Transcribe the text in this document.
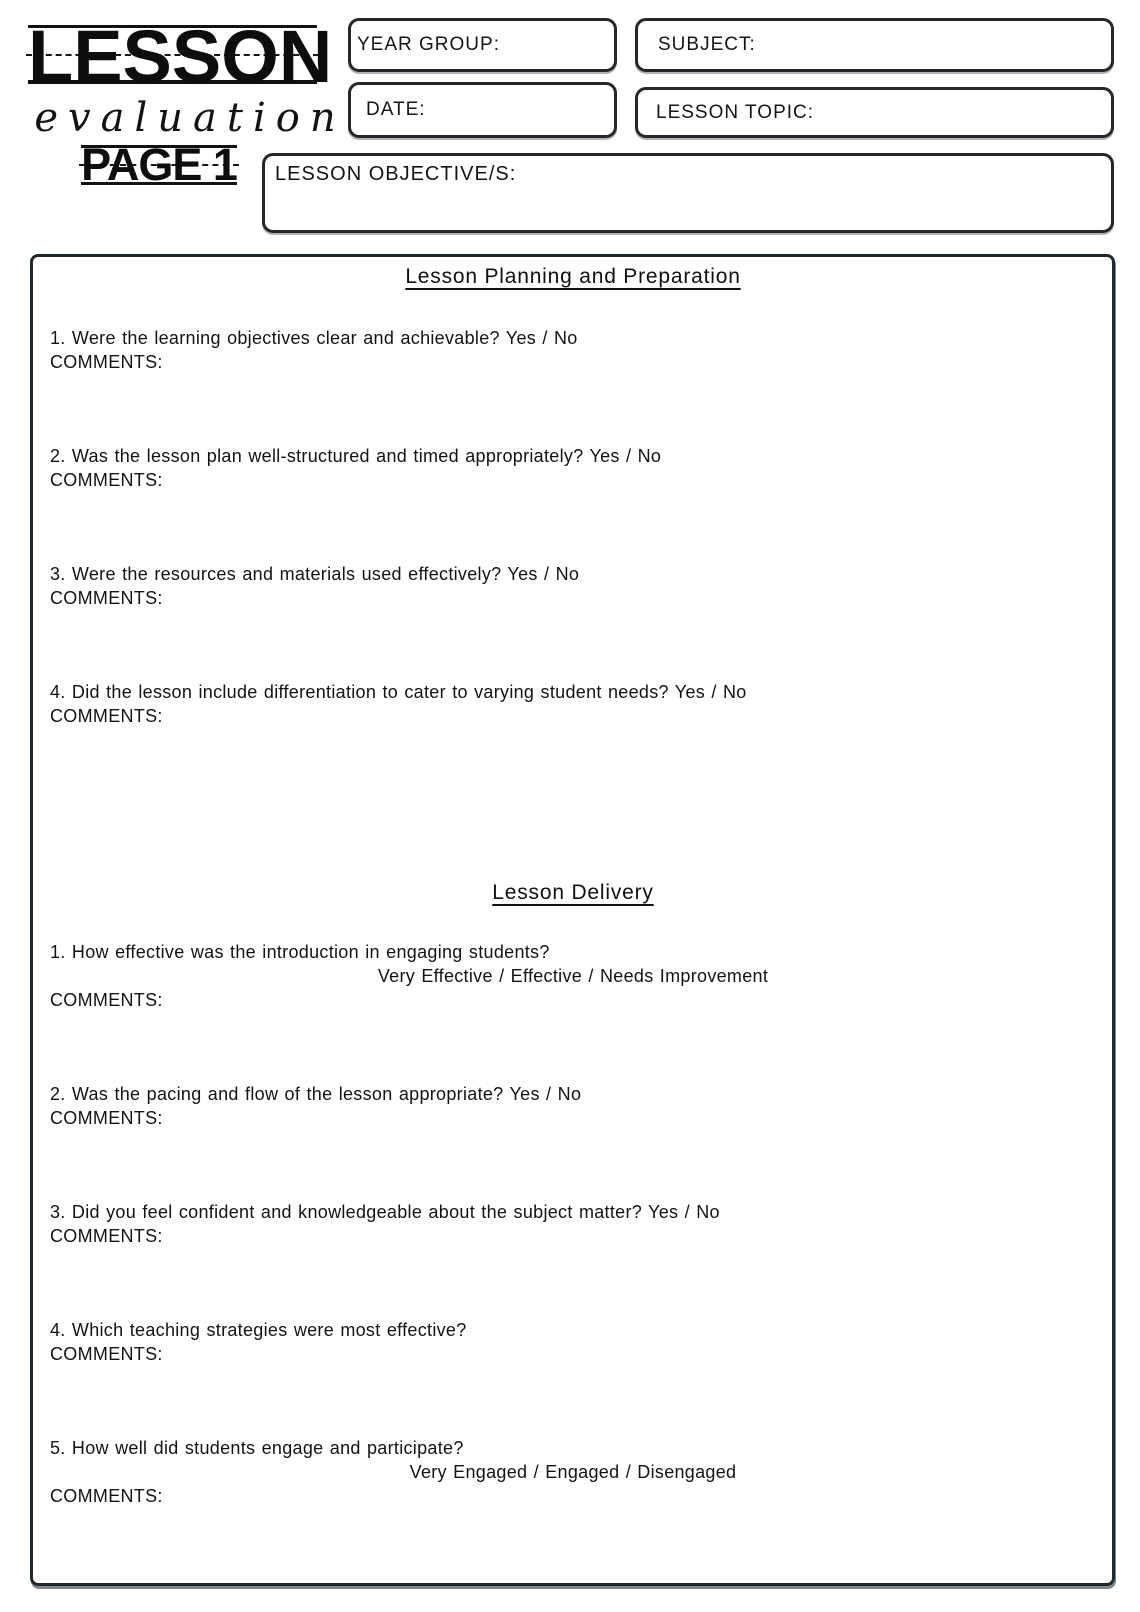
LESSON
evaluation
PAGE 1
YEAR GROUP:	SUBJECT:
DATE:	LESSON TOPIC:
LESSON OBJECTIVE/S:
Lesson Planning and Preparation
1. Were the learning objectives clear and achievable? Yes / No
COMMENTS:
2. Was the lesson plan well-structured and timed appropriately? Yes / No
COMMENTS:
3. Were the resources and materials used effectively? Yes / No
COMMENTS:
4. Did the lesson include differentiation to cater to varying student needs? Yes / No
COMMENTS:
Lesson Delivery
1. How effective was the introduction in engaging students?
Very Effective / Effective / Needs Improvement
COMMENTS:
2. Was the pacing and flow of the lesson appropriate? Yes / No
COMMENTS:
3. Did you feel confident and knowledgeable about the subject matter? Yes / No
COMMENTS:
4. Which teaching strategies were most effective?
COMMENTS:
5. How well did students engage and participate?
Very Engaged / Engaged / Disengaged
COMMENTS:
